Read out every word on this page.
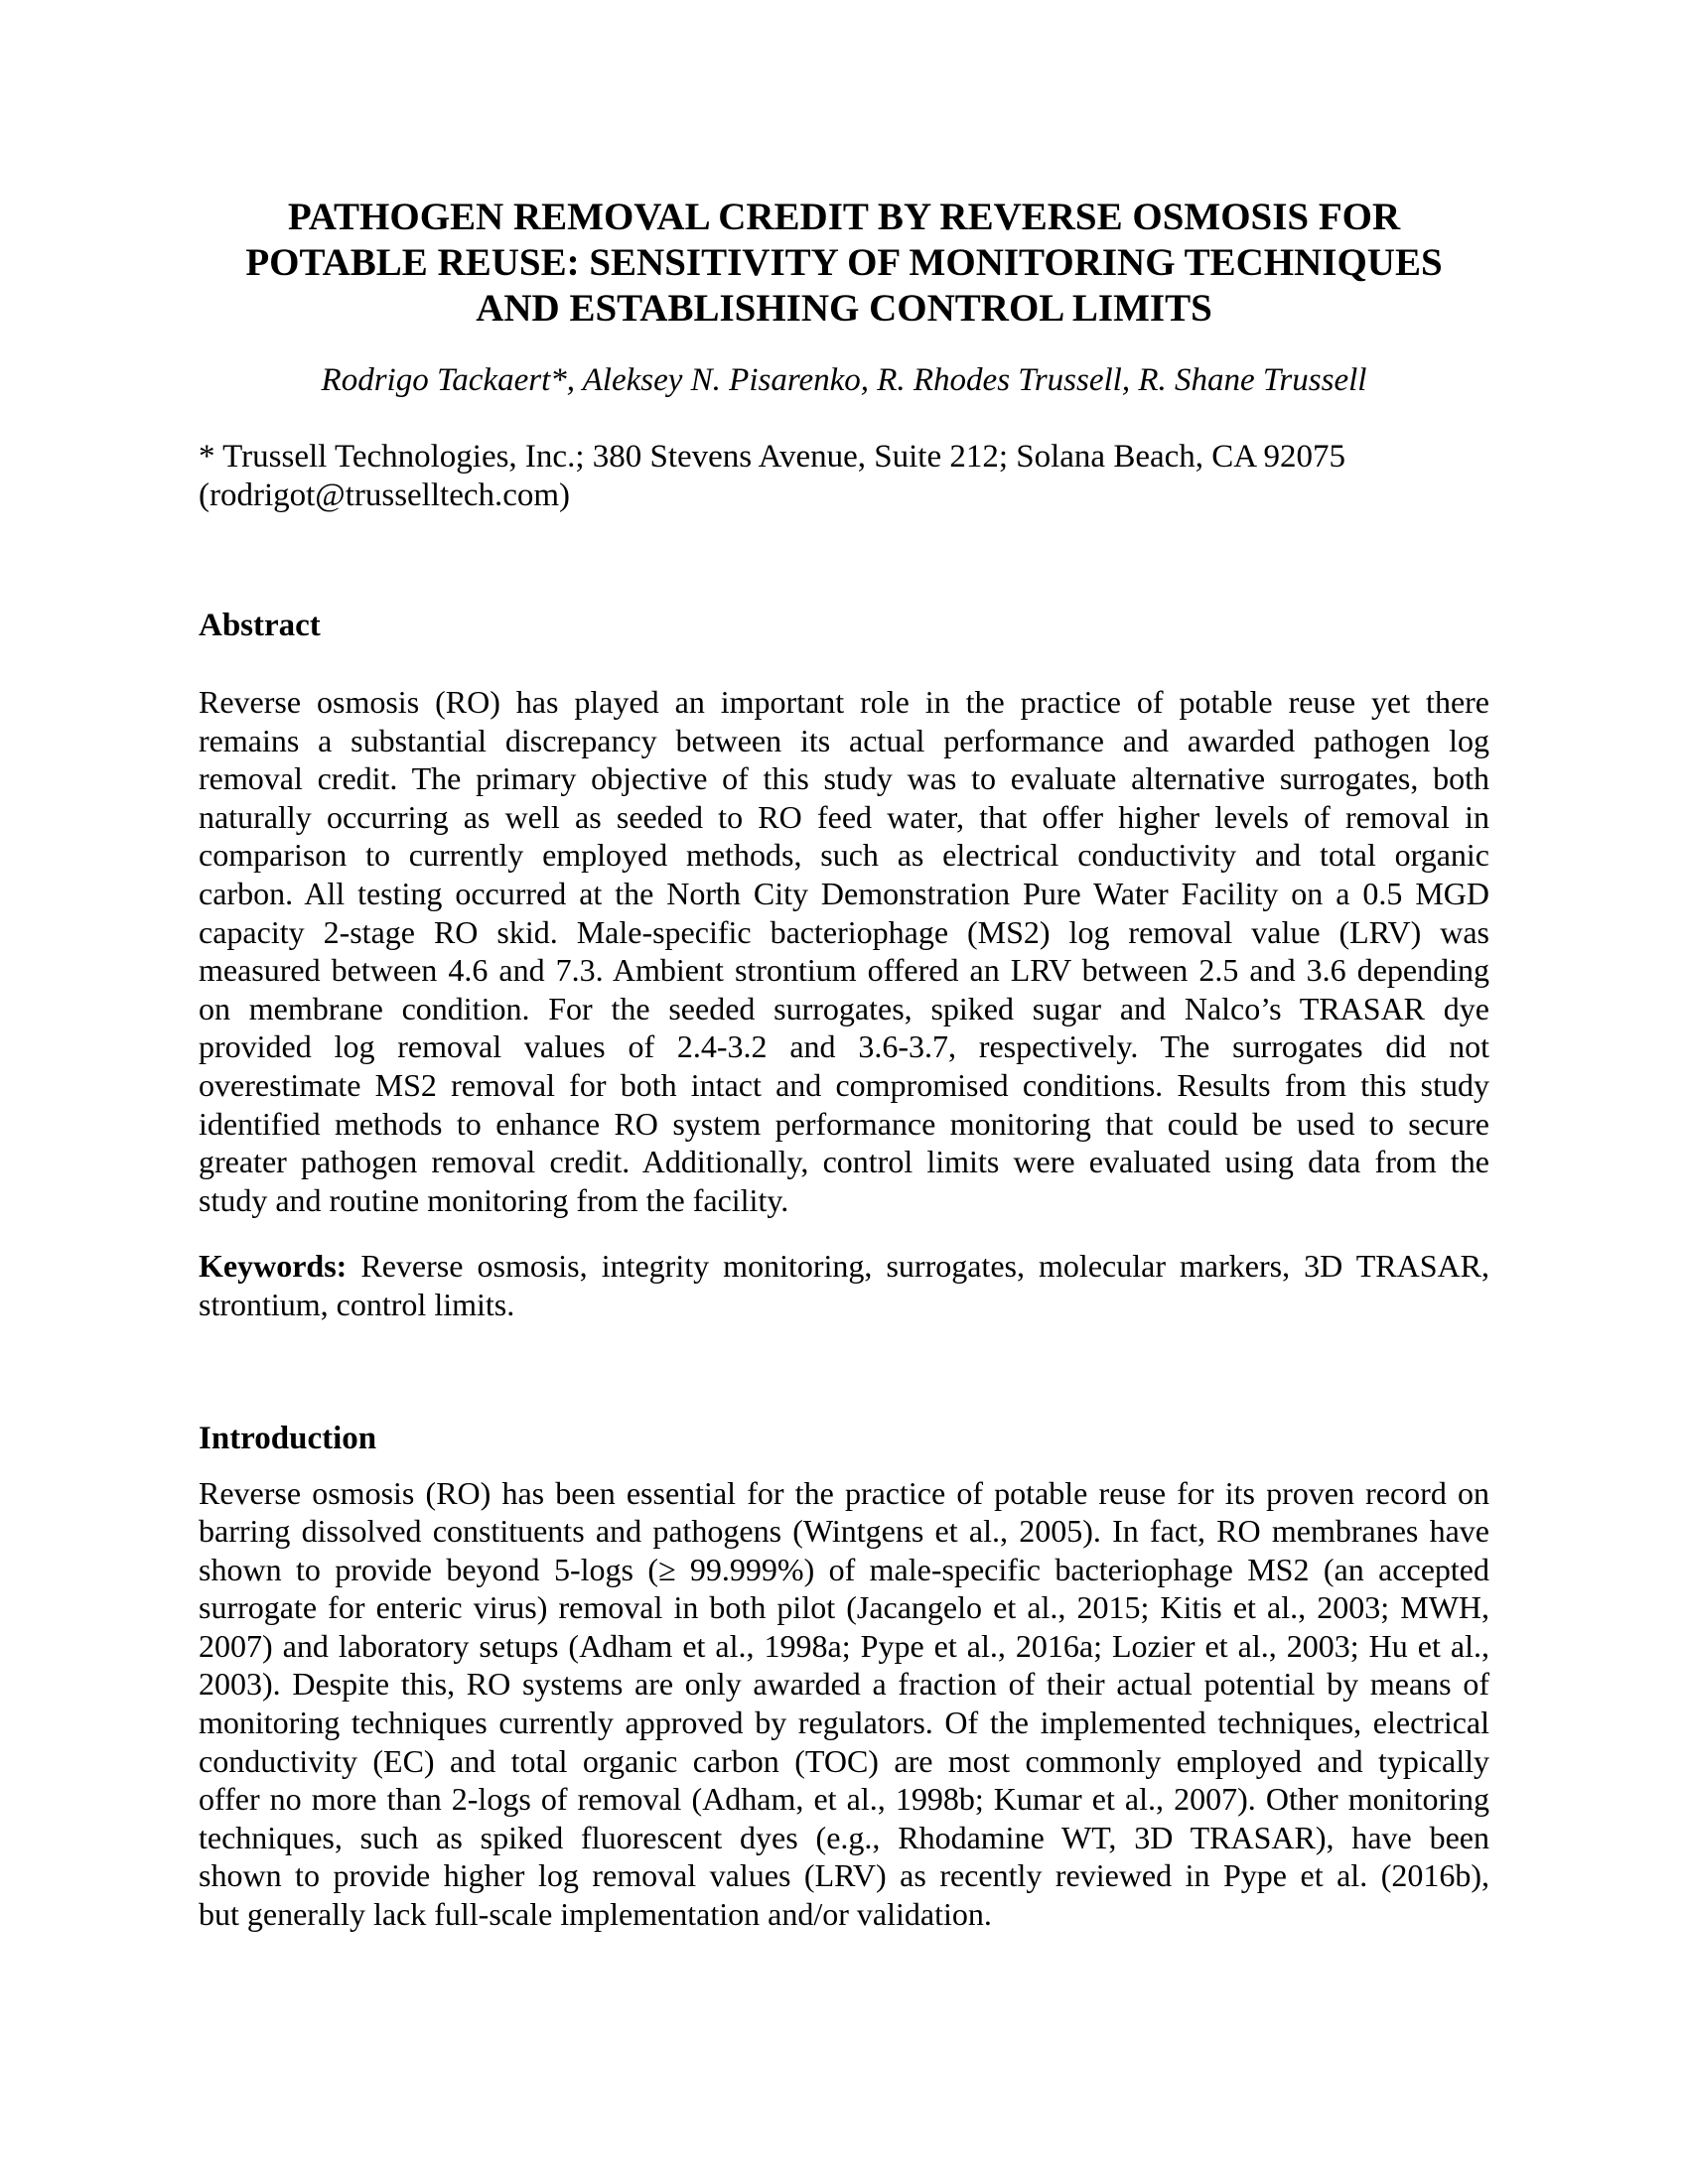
PATHOGEN REMOVAL CREDIT BY REVERSE OSMOSIS FOR
POTABLE REUSE: SENSITIVITY OF MONITORING TECHNIQUES
AND ESTABLISHING CONTROL LIMITS
Rodrigo Tackaert*, Aleksey N. Pisarenko, R. Rhodes Trussell, R. Shane Trussell
* Trussell Technologies, Inc.; 380 Stevens Avenue, Suite 212; Solana Beach, CA 92075
(rodrigot@trusselltech.com)
Abstract
Reverse osmosis (RO) has played an important role in the practice of potable reuse yet there
remains a substantial discrepancy between its actual performance and awarded pathogen log
removal credit. The primary objective of this study was to evaluate alternative surrogates, both
naturally occurring as well as seeded to RO feed water, that offer higher levels of removal in
comparison to currently employed methods, such as electrical conductivity and total organic
carbon. All testing occurred at the North City Demonstration Pure Water Facility on a 0.5 MGD
capacity 2-stage RO skid. Male-specific bacteriophage (MS2) log removal value (LRV) was
measured between 4.6 and 7.3. Ambient strontium offered an LRV between 2.5 and 3.6 depending
on membrane condition. For the seeded surrogates, spiked sugar and Nalco’s TRASAR dye
provided log removal values of 2.4-3.2 and 3.6-3.7, respectively. The surrogates did not
overestimate MS2 removal for both intact and compromised conditions. Results from this study
identified methods to enhance RO system performance monitoring that could be used to secure
greater pathogen removal credit. Additionally, control limits were evaluated using data from the
study and routine monitoring from the facility.
Keywords: Reverse osmosis, integrity monitoring, surrogates, molecular markers, 3D TRASAR,
strontium, control limits.
Introduction
Reverse osmosis (RO) has been essential for the practice of potable reuse for its proven record on
barring dissolved constituents and pathogens (Wintgens et al., 2005). In fact, RO membranes have
shown to provide beyond 5-logs (≥ 99.999%) of male-specific bacteriophage MS2 (an accepted
surrogate for enteric virus) removal in both pilot (Jacangelo et al., 2015; Kitis et al., 2003; MWH,
2007) and laboratory setups (Adham et al., 1998a; Pype et al., 2016a; Lozier et al., 2003; Hu et al.,
2003). Despite this, RO systems are only awarded a fraction of their actual potential by means of
monitoring techniques currently approved by regulators. Of the implemented techniques, electrical
conductivity (EC) and total organic carbon (TOC) are most commonly employed and typically
offer no more than 2-logs of removal (Adham, et al., 1998b; Kumar et al., 2007). Other monitoring
techniques, such as spiked fluorescent dyes (e.g., Rhodamine WT, 3D TRASAR), have been
shown to provide higher log removal values (LRV) as recently reviewed in Pype et al. (2016b),
but generally lack full-scale implementation and/or validation.
